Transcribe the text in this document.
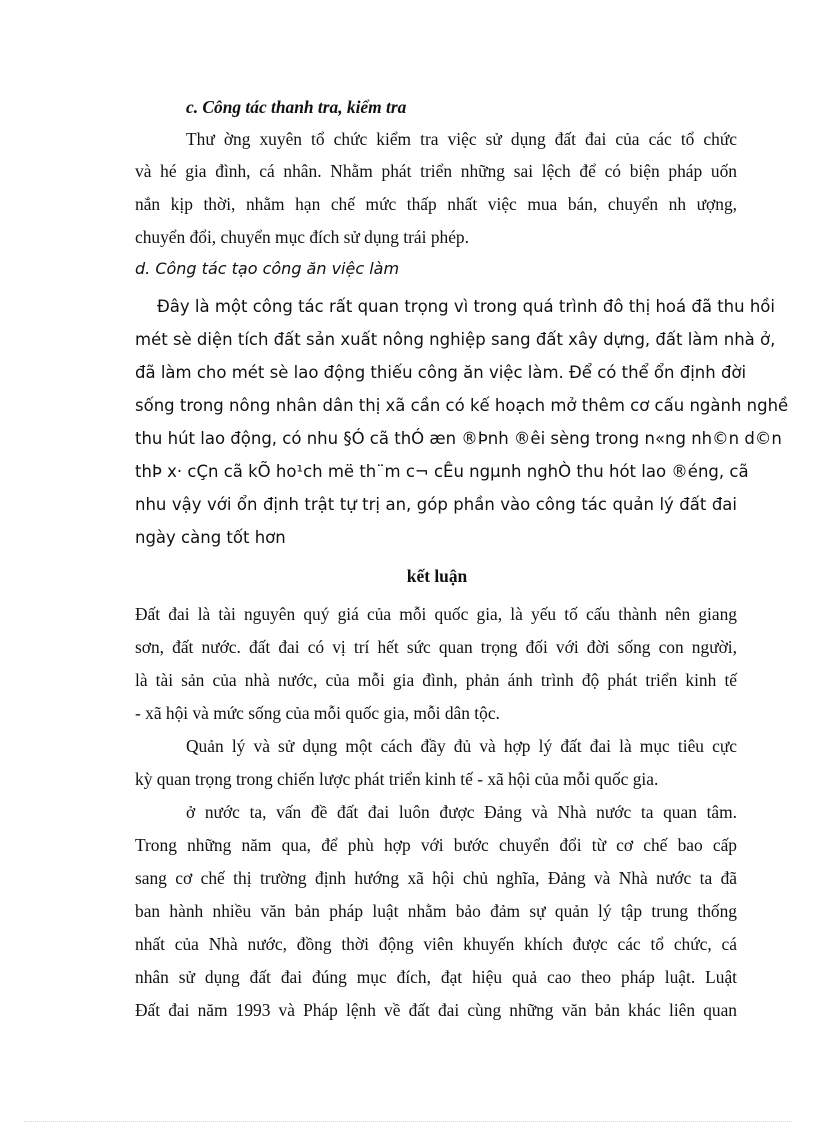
c. Công tác thanh tra, kiểm tra
Thư ờng xuyên tổ chức kiểm tra việc sử dụng đất đai của các tổ chức
và hé gia đình, cá nhân. Nhằm phát triển những sai lệch để có biện pháp uốn
nắn kịp thời, nhằm hạn chế mức thấp nhất việc mua bán, chuyển nh ượng,
chuyển đổi, chuyển mục đích sử dụng trái phép.
d. Công tác tạo công ăn việc làm
Đây là một công tác rất quan trọng vì trong quá trình đô thị hoá đã thu hồi
mét sè diện tích đất sản xuất nông nghiệp sang đất xây dựng, đất làm nhà ở,
đã làm cho mét sè lao động thiếu công ăn việc làm. Để có thể ổn định đời
sống trong nông nhân dân thị xã cần có kế hoạch mở thêm cơ cấu ngành nghề
thu hút lao động, có nhu §Ó cã thÓ æn ®Þnh ®êi sèng trong n«ng nh©n d©n
thÞ x· cÇn cã kÕ ho¹ch më th¨m c¬ cÊu ngµnh nghÒ thu hót lao ®éng, cã
nhu vậy với ổn định trật tự trị an, góp phần vào công tác quản lý đất đai
ngày càng tốt hơn
kết luận
Đất đai là tài nguyên quý giá của mỗi quốc gia, là yếu tố cấu thành nên giang
sơn, đất nước. đất đai có vị trí hết sức quan trọng đối với đời sống con người,
là tài sản của nhà nước, của mỗi gia đình, phản ánh trình độ phát triển kinh tế
- xã hội và mức sống của mỗi quốc gia, mỗi dân tộc.
Quản lý và sử dụng một cách đầy đủ và hợp lý đất đai là mục tiêu cực
kỳ quan trọng trong chiến lược phát triển kinh tế - xã hội của mỗi quốc gia.
ở nước ta, vấn đề đất đai luôn được Đảng và Nhà nước ta quan tâm.
Trong những năm qua, để phù hợp với bước chuyển đổi từ cơ chế bao cấp
sang cơ chế thị trường định hướng xã hội chủ nghĩa, Đảng và Nhà nước ta đã
ban hành nhiều văn bản pháp luật nhằm bảo đảm sự quản lý tập trung thống
nhất của Nhà nước, đồng thời động viên khuyến khích được các tổ chức, cá
nhân sử dụng đất đai đúng mục đích, đạt hiệu quả cao theo pháp luật. Luật
Đất đai năm 1993 và Pháp lệnh về đất đai cùng những văn bản khác liên quan
